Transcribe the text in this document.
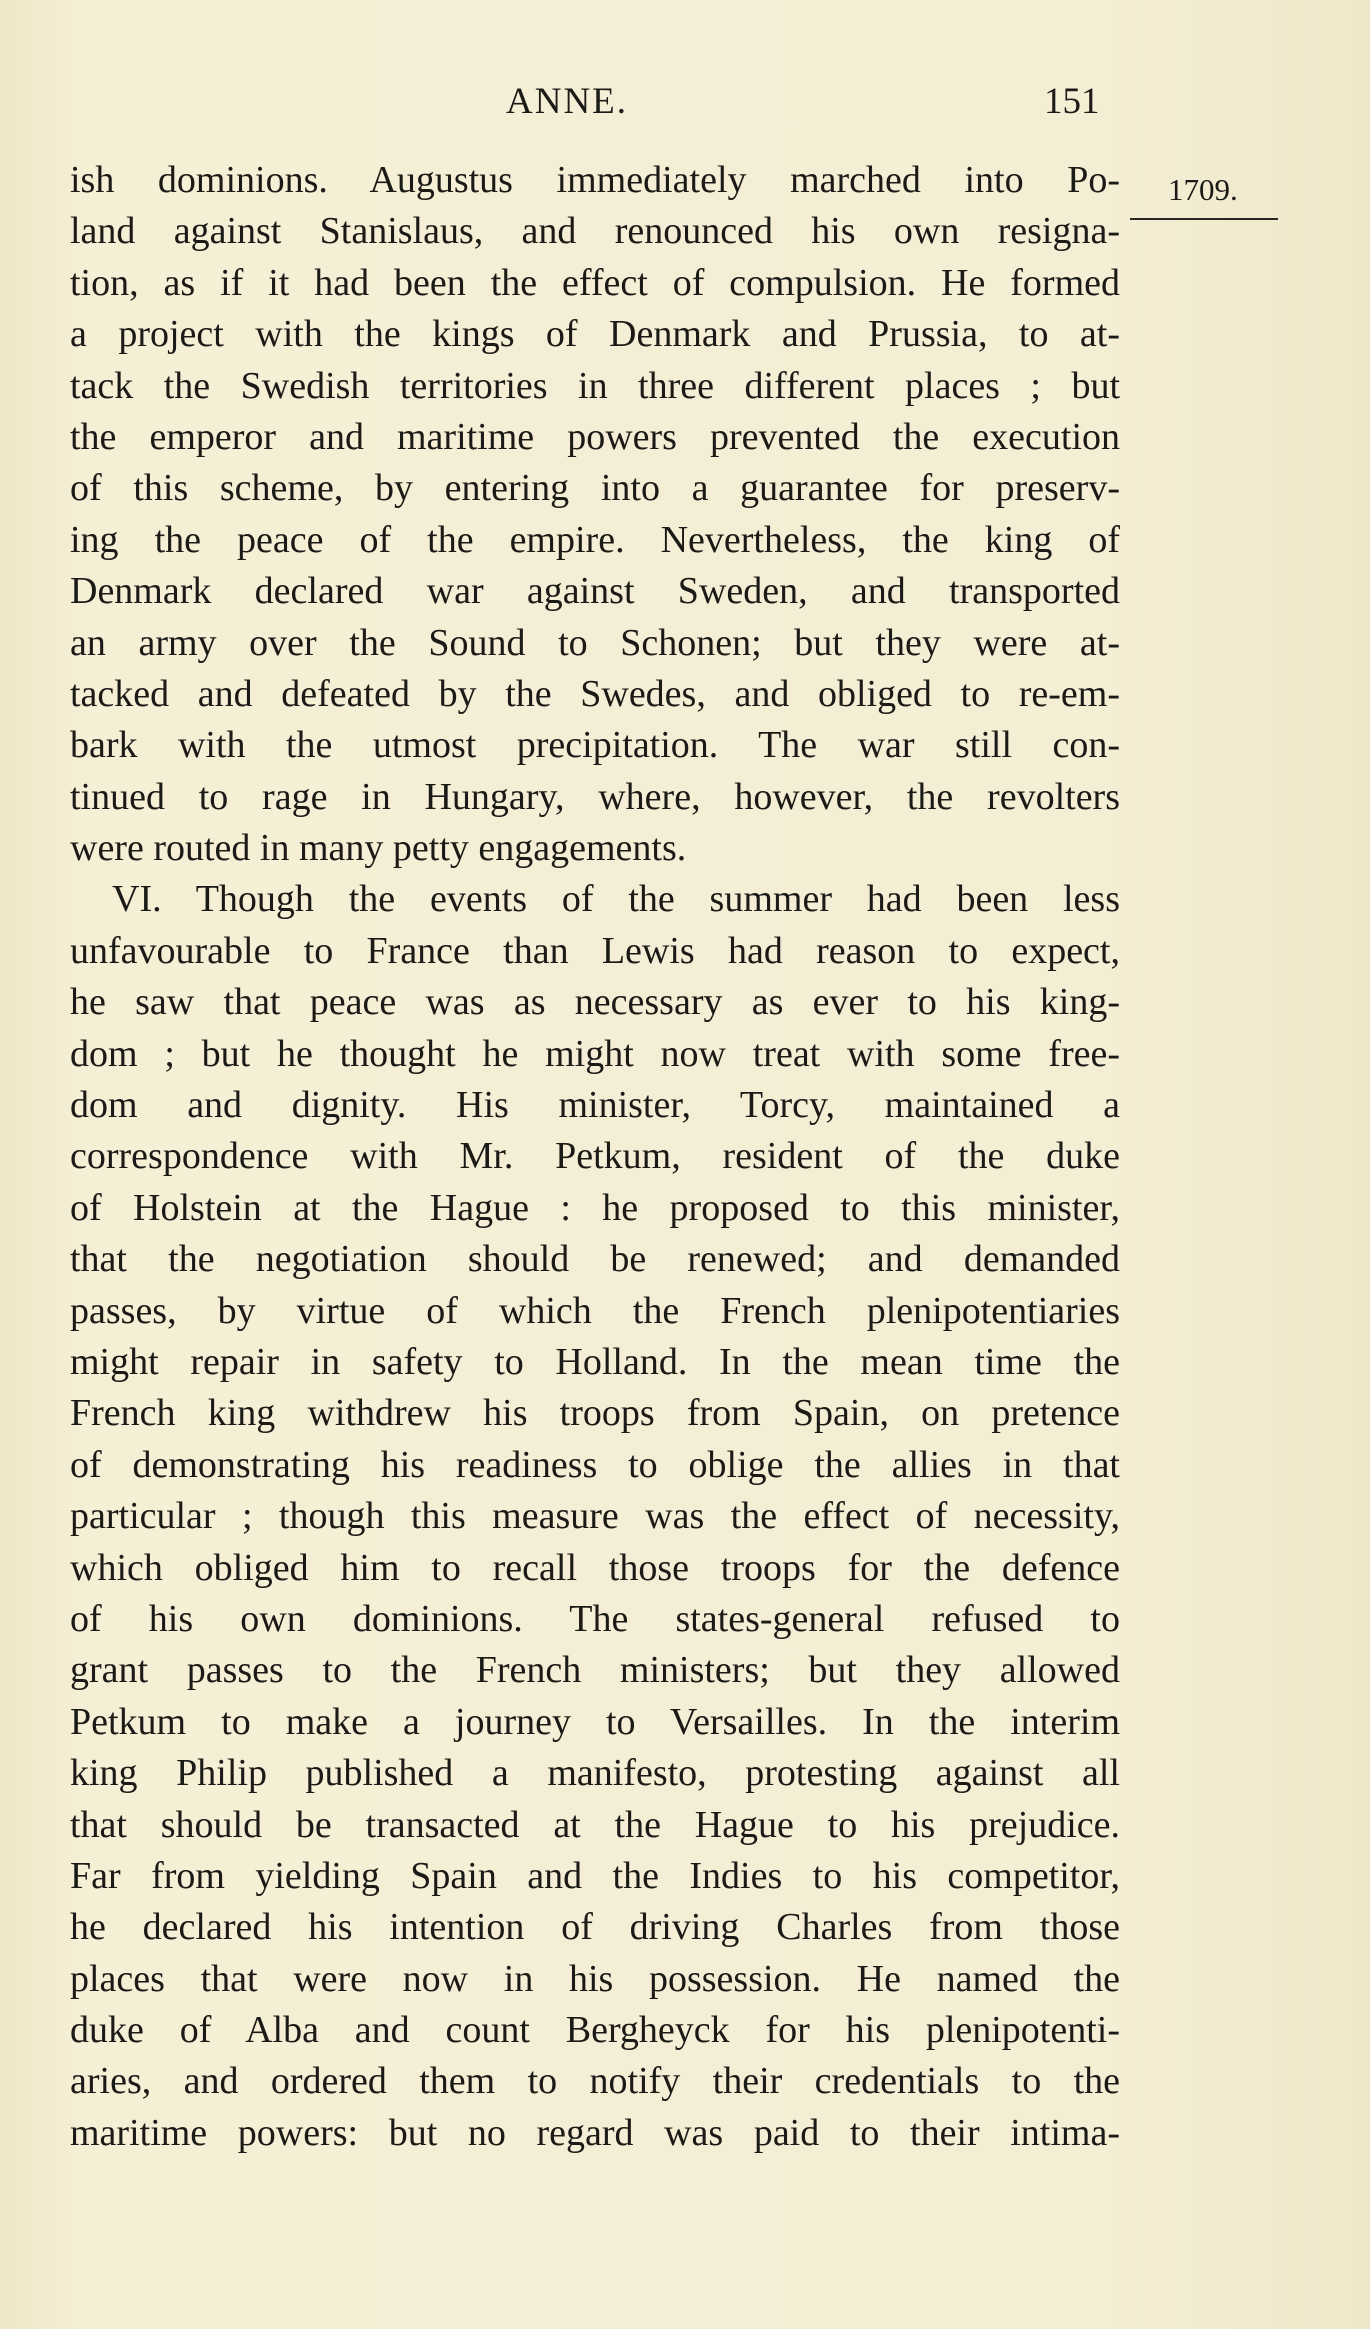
ANNE.	151
1709.
ish dominions. Augustus immediately marched into Po-
land against Stanislaus, and renounced his own resigna-
tion, as if it had been the effect of compulsion. He formed
a project with the kings of Denmark and Prussia, to at-
tack the Swedish territories in three different places ; but
the emperor and maritime powers prevented the execution
of this scheme, by entering into a guarantee for preserv-
ing the peace of the empire. Nevertheless, the king of
Denmark declared war against Sweden, and transported
an army over the Sound to Schonen; but they were at-
tacked and defeated by the Swedes, and obliged to re-em-
bark with the utmost precipitation. The war still con-
tinued to rage in Hungary, where, however, the revolters
were routed in many petty engagements.
VI. Though the events of the summer had been less
unfavourable to France than Lewis had reason to expect,
he saw that peace was as necessary as ever to his king-
dom ; but he thought he might now treat with some free-
dom and dignity. His minister, Torcy, maintained a
correspondence with Mr. Petkum, resident of the duke
of Holstein at the Hague : he proposed to this minister,
that the negotiation should be renewed; and demanded
passes, by virtue of which the French plenipotentiaries
might repair in safety to Holland. In the mean time the
French king withdrew his troops from Spain, on pretence
of demonstrating his readiness to oblige the allies in that
particular ; though this measure was the effect of necessity,
which obliged him to recall those troops for the defence
of his own dominions. The states-general refused to
grant passes to the French ministers; but they allowed
Petkum to make a journey to Versailles. In the interim
king Philip published a manifesto, protesting against all
that should be transacted at the Hague to his prejudice.
Far from yielding Spain and the Indies to his competitor,
he declared his intention of driving Charles from those
places that were now in his possession. He named the
duke of Alba and count Bergheyck for his plenipotenti-
aries, and ordered them to notify their credentials to the
maritime powers: but no regard was paid to their intima-
